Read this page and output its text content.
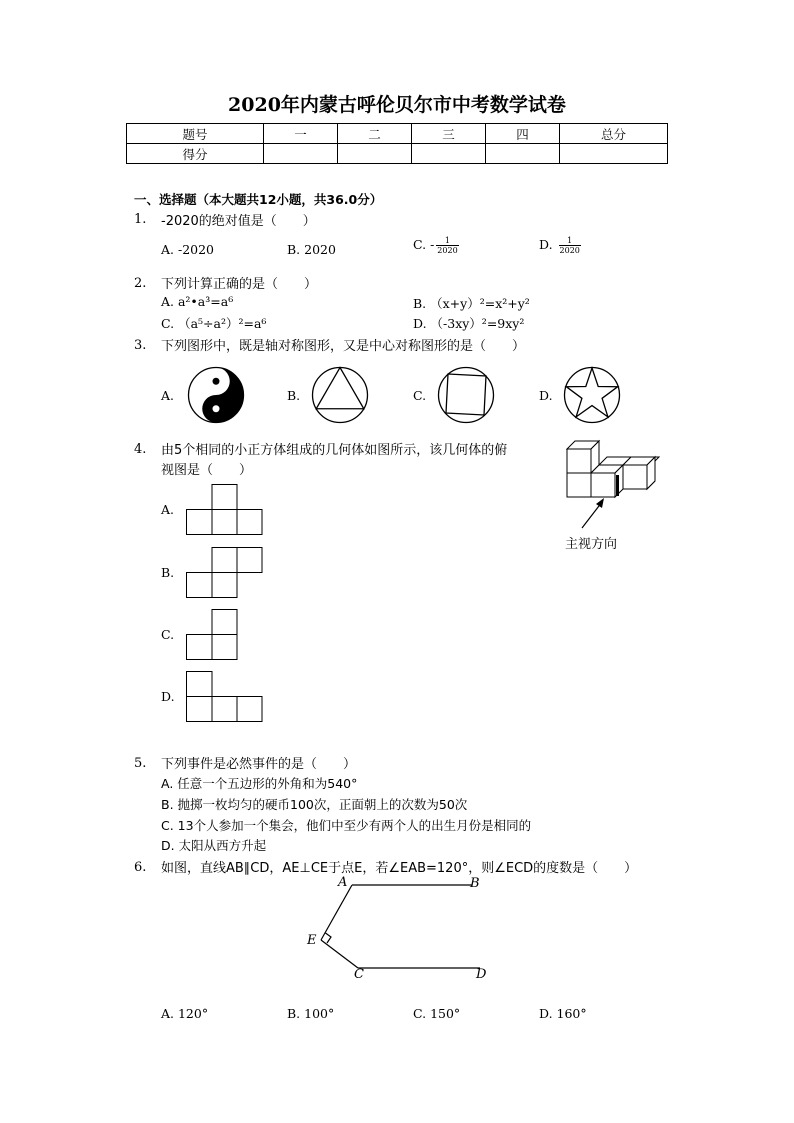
2020年内蒙古呼伦贝尔市中考数学试卷
题号	一	二	三	四	总分
得分					
一、选择题（本大题共12小题，共36.0分）
1. -2020的绝对值是（　　）
A. -2020	B. 2020	C. - $\frac{1}{2020}$	D. $\frac{1}{2020}$
2. 下列计算正确的是（　　）
A. a²•a³=a⁶	B. （x+y）²=x²+y²
C. （a⁵÷a²）²=a⁶	D. （-3xy）²=9xy²
3. 下列图形中，既是轴对称图形，又是中心对称图形的是（　　）
A.	B.	C.	D.
4. 由5个相同的小正方体组成的几何体如图所示，该几何体的俯
视图是（　　）
主视方向
A.
B.
C.
D.
5. 下列事件是必然事件的是（　　）
A. 任意一个五边形的外角和为540°
B. 抛掷一枚均匀的硬币100次，正面朝上的次数为50次
C. 13个人参加一个集会，他们中至少有两个人的出生月份是相同的
D. 太阳从西方升起
6. 如图，直线AB∥CD，AE⊥CE于点E，若∠EAB=120°，则∠ECD的度数是（　　）
A	B
E
C	D
A. 120°	B. 100°	C. 150°	D. 160°
